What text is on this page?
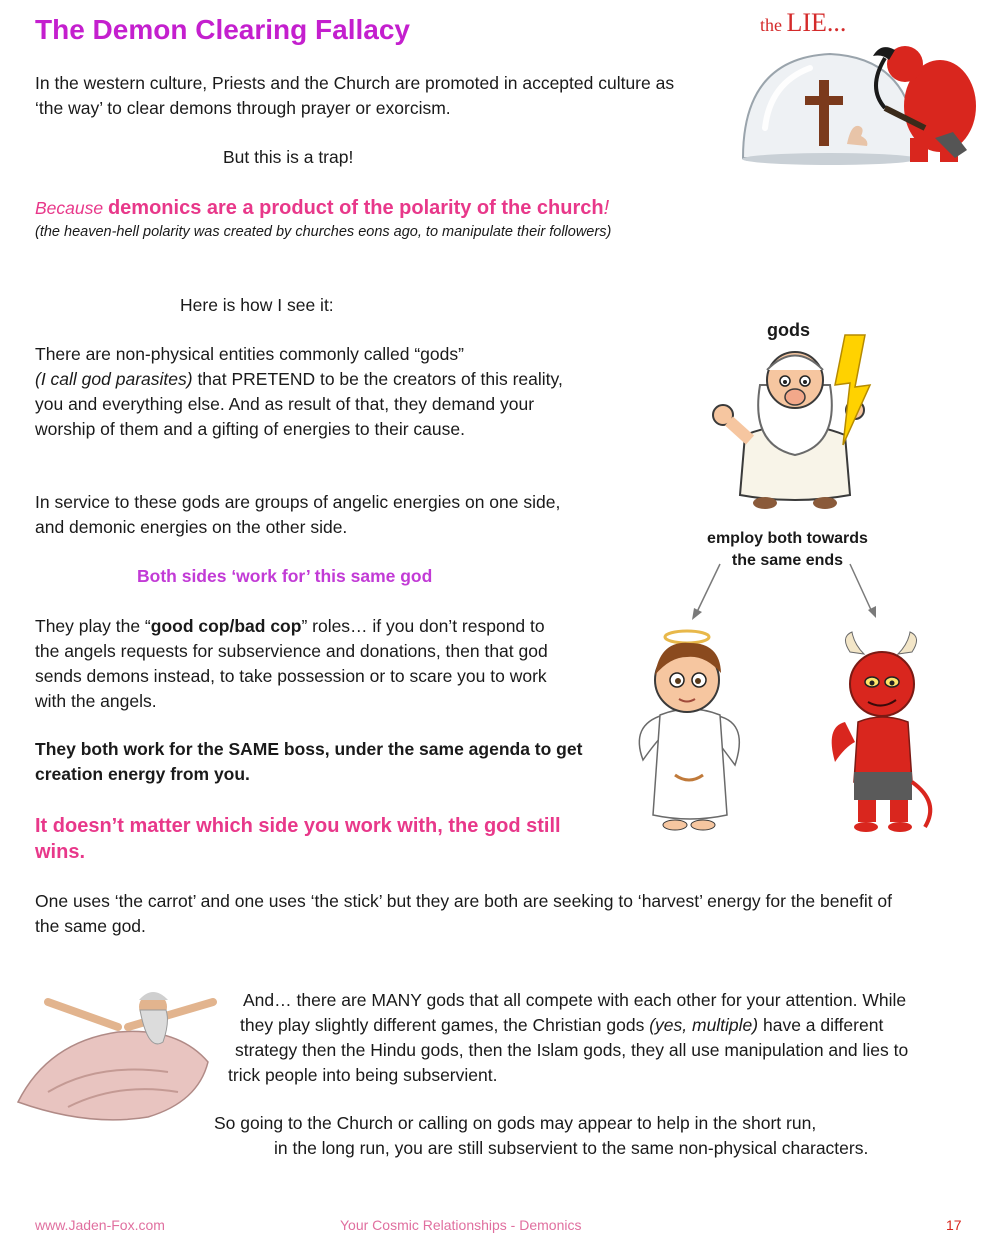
The Demon Clearing Fallacy	the LIE...
In the western culture, Priests and the Church are promoted in accepted culture as
‘the way’ to clear demons through prayer or exorcism.
But this is a trap!
Because demonics are a product of the polarity of the church!
(the heaven-hell polarity was created by churches eons ago, to manipulate their followers)
Here is how I see it:
There are non-physical entities commonly called “gods”
(I call god parasites) that PRETEND to be the creators of this reality,
you and everything else. And as result of that, they demand your
worship of them and a gifting of energies to their cause.
In service to these gods are groups of angelic energies on one side,
and demonic energies on the other side.
Both sides ‘work for’ this same god
They play the “good cop/bad cop” roles… if you don’t respond to
the angels requests for subservience and donations, then that god
sends demons instead, to take possession or to scare you to work
with the angels.
They both work for the SAME boss, under the same agenda to get
creation energy from you.
It doesn’t matter which side you work with, the god still
wins.
gods
employ both towards
the same ends
One uses ‘the carrot’ and one uses ‘the stick’ but they are both are seeking to ‘harvest’ energy for the benefit of
the same god.
And… there are MANY gods that all compete with each other for your attention. While
they play slightly different games, the Christian gods (yes, multiple) have a different
strategy then the Hindu gods, then the Islam gods, they all use manipulation and lies to
trick people into being subservient.
So going to the Church or calling on gods may appear to help in the short run,
in the long run, you are still subservient to the same non-physical characters.
www.Jaden-Fox.com	Your Cosmic Relationships - Demonics	17
